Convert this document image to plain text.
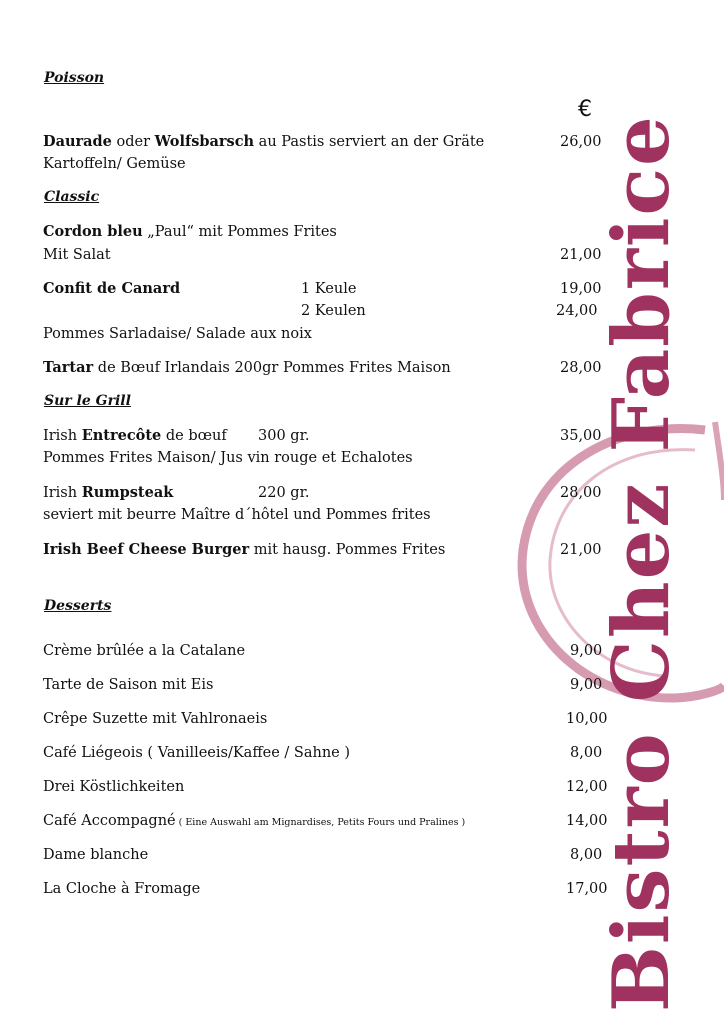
Bistro Chez Fabrice
Poisson
€
Daurade oder Wolfsbarsch au Pastis serviert an der Gräte	26,00
Kartoffeln/ Gemüse
Classic
Cordon bleu „Paul“ mit Pommes Frites
Mit Salat	21,00
Confit de Canard	1 Keule	19,00
2 Keulen	24,00
Pommes Sarladaise/ Salade aux noix
Tartar de Bœuf Irlandais 200gr Pommes Frites Maison	28,00
Sur le Grill
Irish Entrecôte de bœuf 300 gr.	35,00
Pommes Frites Maison/ Jus vin rouge et Echalotes
Irish Rumpsteak	220 gr.	28,00
seviert mit beurre Maître d´hôtel und Pommes frites
Irish Beef Cheese Burger mit hausg. Pommes Frites	21,00
Desserts
Crème brûlée a la Catalane	9,00
Tarte de Saison mit Eis	9,00
Crêpe Suzette mit Vahlronaeis	10,00
Café Liégeois ( Vanilleeis/Kaffee / Sahne )	8,00
Drei Köstlichkeiten	12,00
Café Accompagné ( Eine Auswahl am Mignardises, Petits Fours und Pralines )	14,00
Dame blanche	8,00
La Cloche à Fromage	17,00
